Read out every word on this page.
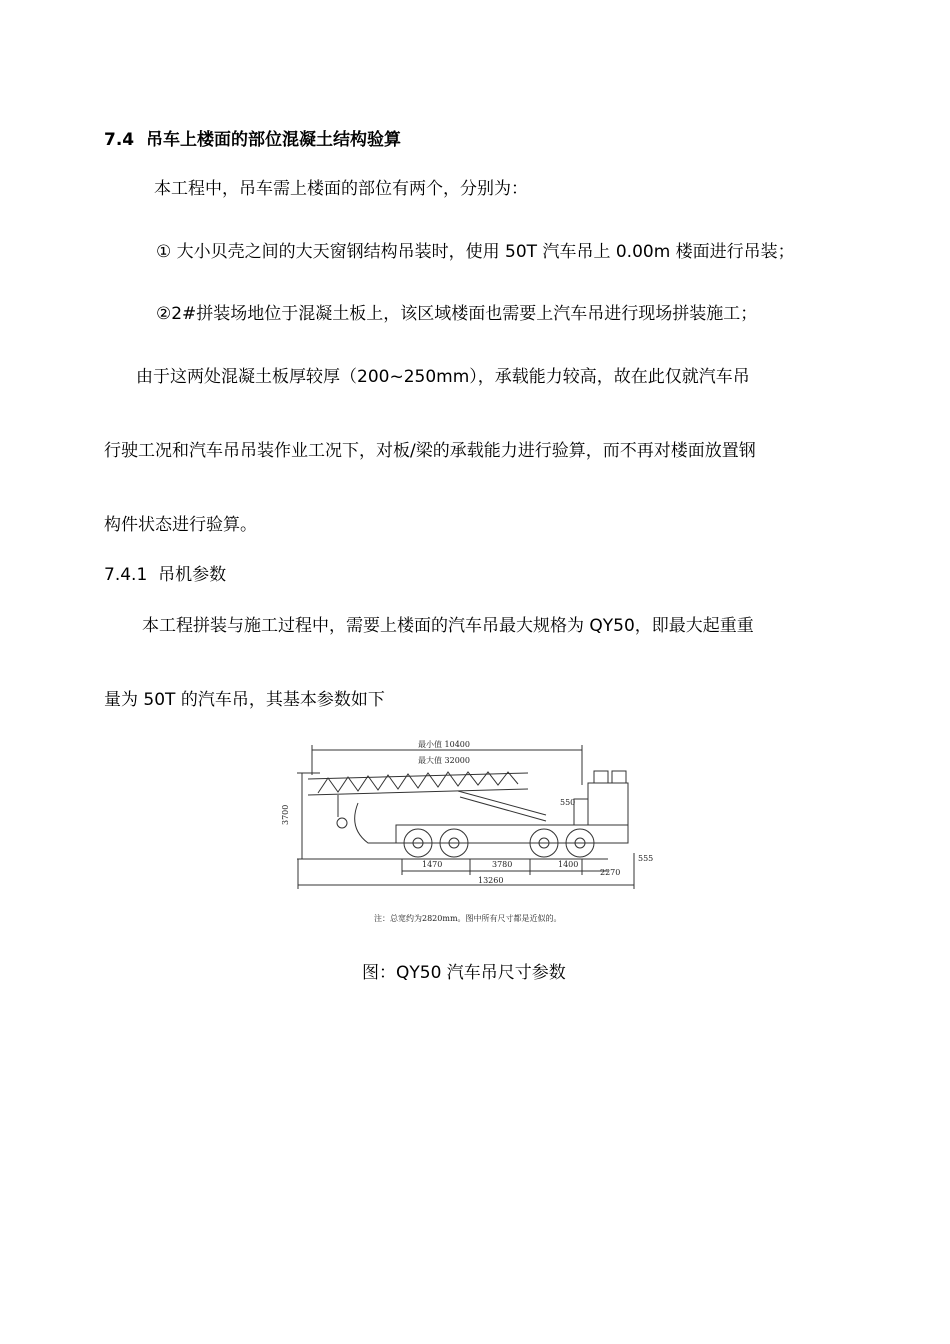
7.4 吊车上楼面的部位混凝土结构验算
本工程中，吊车需上楼面的部位有两个，分别为：
① 大小贝壳之间的大天窗钢结构吊装时，使用 50T 汽车吊上 0.00m 楼面进行吊装；
②2#拼装场地位于混凝土板上，该区域楼面也需要上汽车吊进行现场拼装施工；
由于这两处混凝土板厚较厚（200~250mm），承载能力较高，故在此仅就汽车吊
行驶工况和汽车吊吊装作业工况下，对板/梁的承载能力进行验算，而不再对楼面放置钢
构件状态进行验算。
7.4.1 吊机参数
本工程拼装与施工过程中，需要上楼面的汽车吊最大规格为 QY50，即最大起重重
量为 50T 的汽车吊，其基本参数如下
最小值 10400
最大值 32000
3700
550
1470	3780	1400
555
2270
13260
注：总宽约为2820mm。图中所有尺寸都是近似的。
图：QY50 汽车吊尺寸参数
